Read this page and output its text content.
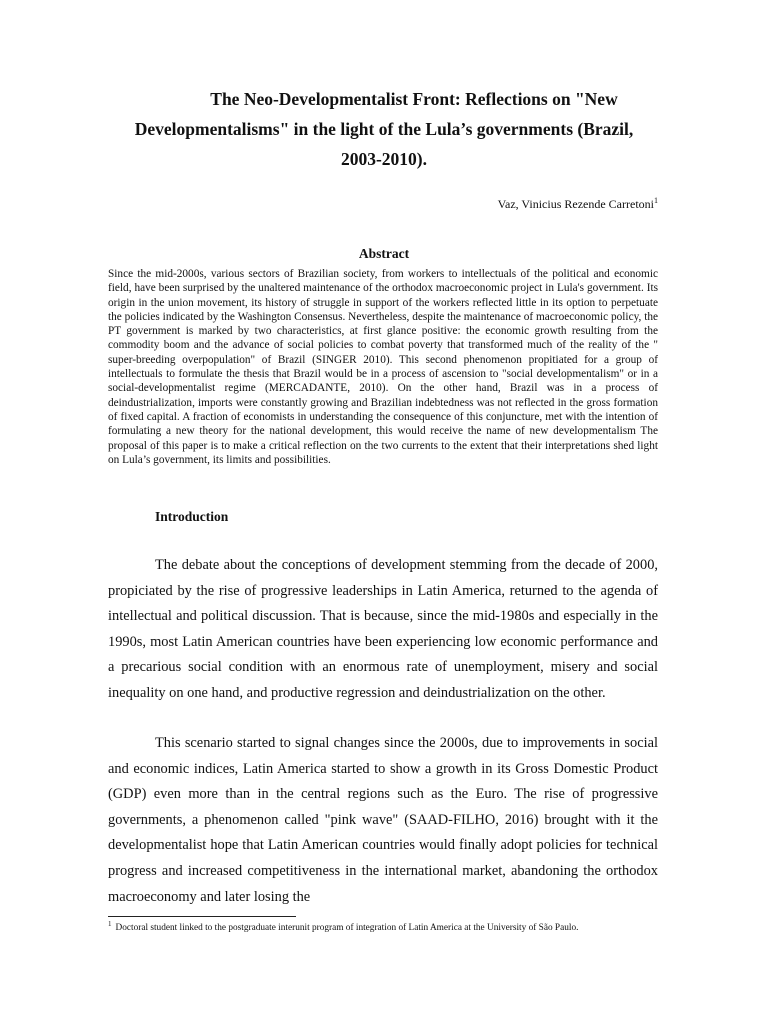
The Neo-Developmentalist Front: Reflections on "New
Developmentalisms" in the light of the Lula’s governments (Brazil,
2003-2010).
Vaz, Vinicius Rezende Carretoni$^1$
Abstract
Since the mid-2000s, various sectors of Brazilian society, from workers to intellectuals of the political and economic field, have been surprised by the unaltered maintenance of the orthodox macroeconomic project in Lula's government. Its origin in the union movement, its history of struggle in support of the workers reflected little in its option to perpetuate the policies indicated by the Washington Consensus. Nevertheless, despite the maintenance of macroeconomic policy, the PT government is marked by two characteristics, at first glance positive: the economic growth resulting from the commodity boom and the advance of social policies to combat poverty that transformed much of the reality of the " super-breeding overpopulation" of Brazil (SINGER 2010). This second phenomenon propitiated for a group of intellectuals to formulate the thesis that Brazil would be in a process of ascension to "social developmentalism" or in a social-developmentalist regime (MERCADANTE, 2010). On the other hand, Brazil was in a process of deindustrialization, imports were constantly growing and Brazilian indebtedness was not reflected in the gross formation of fixed capital. A fraction of economists in understanding the consequence of this conjuncture, met with the intention of formulating a new theory for the national development, this would receive the name of new developmentalism The proposal of this paper is to make a critical reflection on the two currents to the extent that their interpretations shed light on Lula’s government, its limits and possibilities.
Introduction

The debate about the conceptions of development stemming from the decade of 2000, propiciated by the rise of progressive leaderships in Latin America, returned to the agenda of intellectual and political discussion. That is because, since the mid-1980s and especially in the 1990s, most Latin American countries have been experiencing low economic performance and a precarious social condition with an enormous rate of unemployment, misery and social inequality on one hand, and productive regression and deindustrialization on the other.

This scenario started to signal changes since the 2000s, due to improvements in social and economic indices, Latin America started to show a growth in its Gross Domestic Product (GDP) even more than in the central regions such as the Euro. The rise of progressive governments, a phenomenon called "pink wave" (SAAD-FILHO, 2016) brought with it the developmentalist hope that Latin American countries would finally adopt policies for technical progress and increased competitiveness in the international market, abandoning the orthodox macroeconomy and later losing the

$^1$ Doctoral student linked to the postgraduate interunit program of integration of Latin America at the University of São Paulo.
